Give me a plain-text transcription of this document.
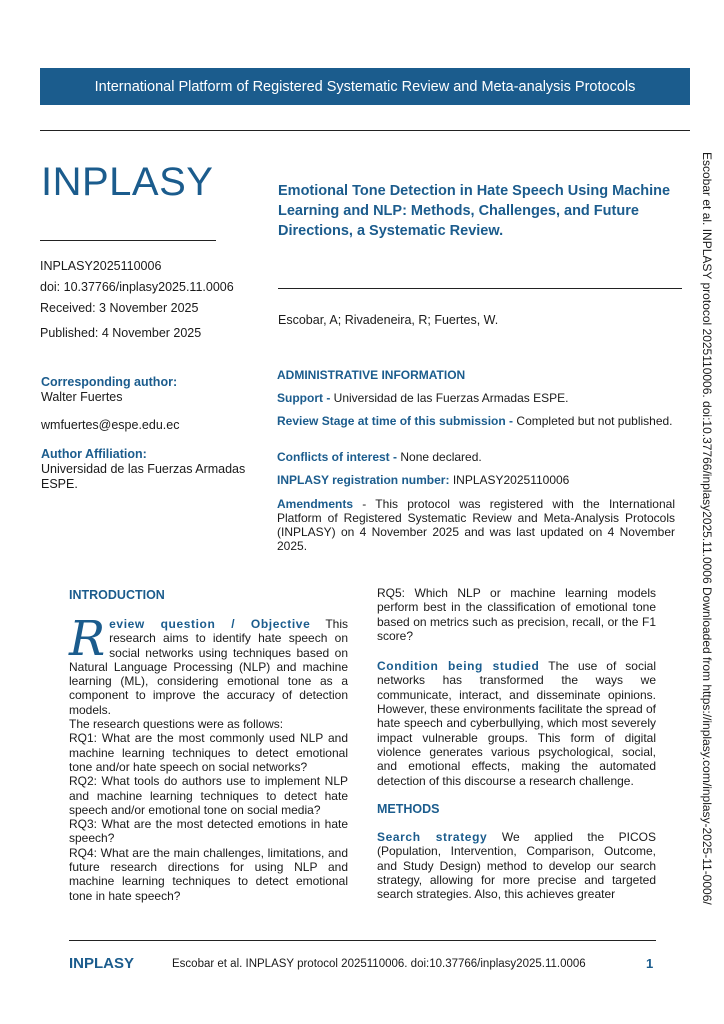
International Platform of Registered Systematic Review and Meta-analysis Protocols
INPLASY
INPLASY2025110006
doi: 10.37766/inplasy2025.11.0006
Received: 3 November 2025
Published: 4 November 2025
Corresponding author:
Walter Fuertes
wmfuertes@espe.edu.ec
Author Affiliation:
Universidad de las Fuerzas Armadas ESPE.
Emotional Tone Detection in Hate Speech Using Machine Learning and NLP: Methods, Challenges, and Future Directions, a Systematic Review.
Escobar, A; Rivadeneira, R; Fuertes, W.
ADMINISTRATIVE INFORMATION
Support - Universidad de las Fuerzas Armadas ESPE.
Review Stage at time of this submission - Completed but not published.
Conflicts of interest - None declared.
INPLASY registration number: INPLASY2025110006
Amendments - This protocol was registered with the International Platform of Registered Systematic Review and Meta-Analysis Protocols (INPLASY) on 4 November 2025 and was last updated on 4 November 2025.
INTRODUCTION

Review question / Objective This research aims to identify hate speech on social networks using techniques based on Natural Language Processing (NLP) and machine learning (ML), considering emotional tone as a component to improve the accuracy of detection models.

The research questions were as follows:

RQ1: What are the most commonly used NLP and machine learning techniques to detect emotional tone and/or hate speech on social networks?

RQ2: What tools do authors use to implement NLP and machine learning techniques to detect hate speech and/or emotional tone on social media?

RQ3: What are the most detected emotions in hate speech?

RQ4: What are the main challenges, limitations, and future research directions for using NLP and machine learning techniques to detect emotional tone in hate speech?

RQ5: Which NLP or machine learning models perform best in the classification of emotional tone based on metrics such as precision, recall, or the F1 score?

Condition being studied The use of social networks has transformed the ways we communicate, interact, and disseminate opinions. However, these environments facilitate the spread of hate speech and cyberbullying, which most severely impact vulnerable groups. This form of digital violence generates various psychological, social, and emotional effects, making the automated detection of this discourse a research challenge.

METHODS

Search strategy We applied the PICOS (Population, Intervention, Comparison, Outcome, and Study Design) method to develop our search strategy, allowing for more precise and targeted search strategies. Also, this achieves greater	Escobar et al. INPLASY protocol 2025110006. doi:10.37766/inplasy2025.11.0006 Downloaded from https://inplasy.com/inplasy-2025-11-0006/
INPLASY	Escobar et al. INPLASY protocol 2025110006. doi:10.37766/inplasy2025.11.0006	1
